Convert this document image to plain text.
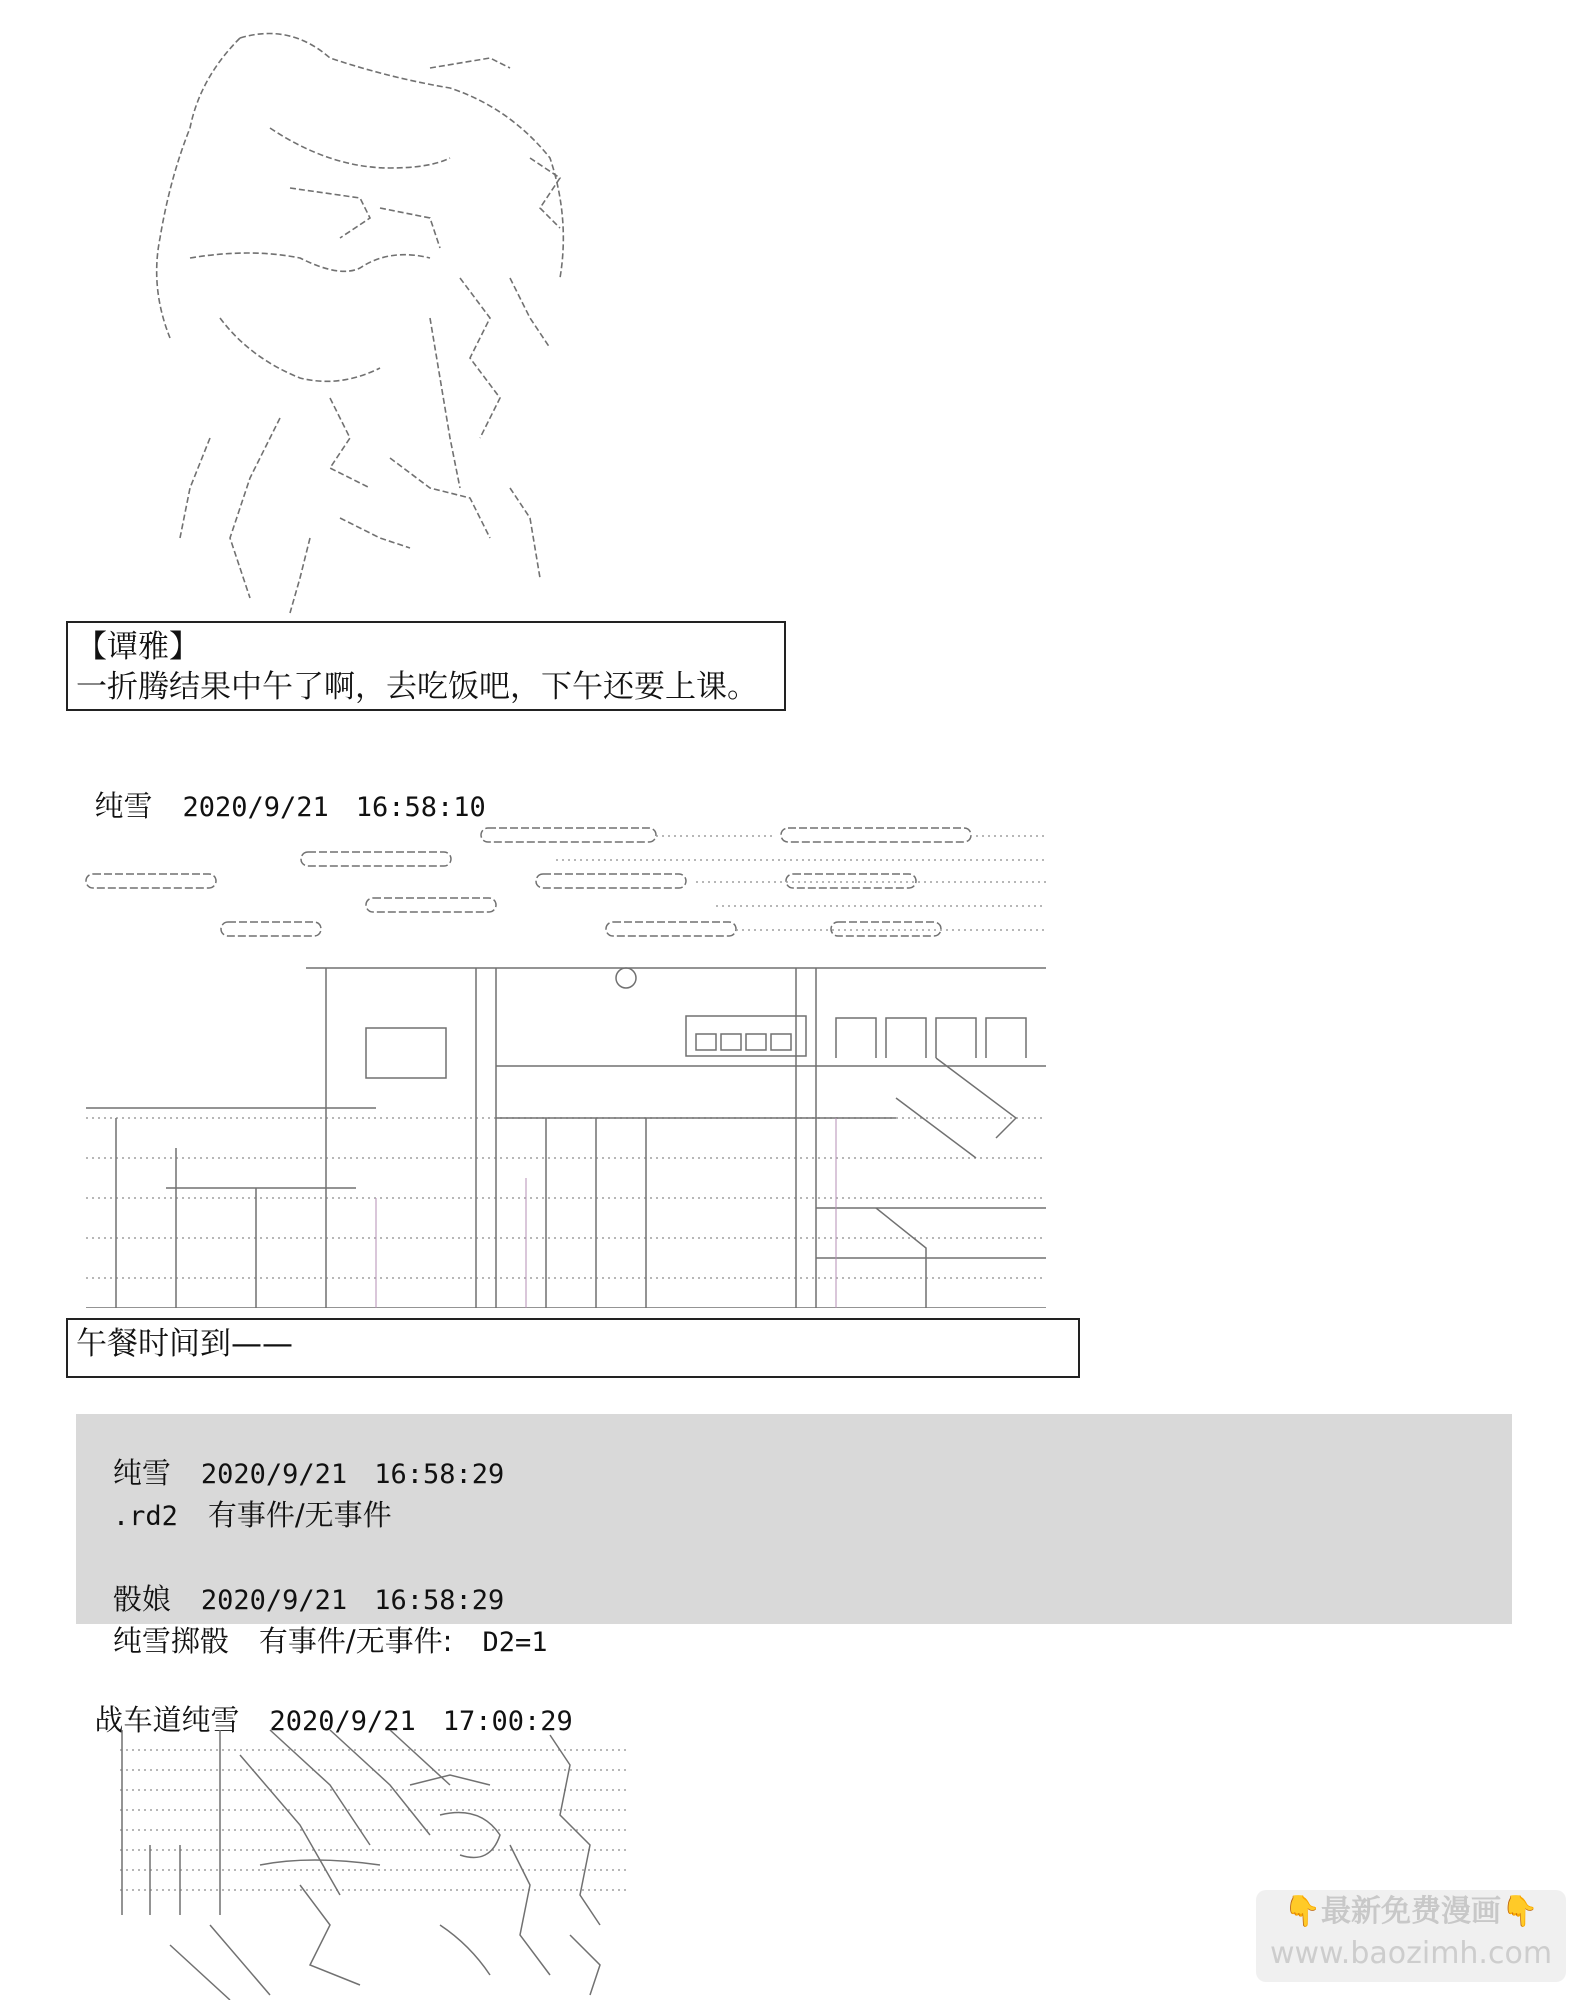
【谭雅】
一折腾结果中午了啊，去吃饭吧，下午还要上课。

纯雪 2020/9/21　16:58:10

午餐时间到——

纯雪 2020/9/21　16:58:29

.rd2 有事件/无事件

骰娘 2020/9/21　16:58:29

纯雪掷骰 有事件/无事件: D2=1

战车道纯雪 2020/9/21　17:00:29

👇最新免费漫画👇
www.baozimh.com
